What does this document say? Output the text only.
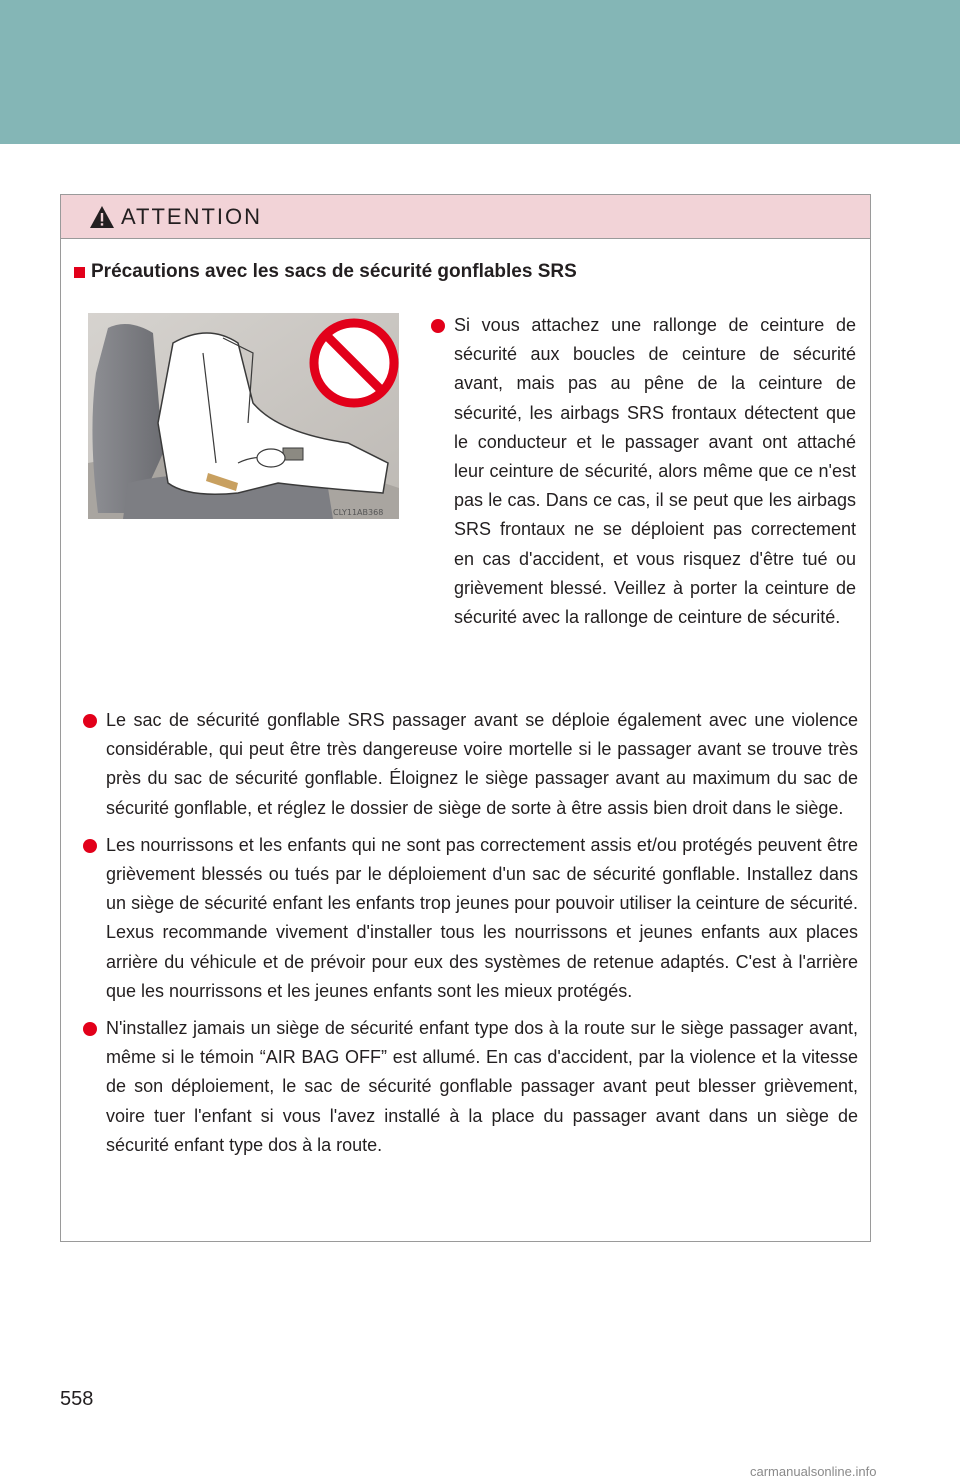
ATTENTION
Précautions avec les sacs de sécurité gonflables SRS
CLY11AB368

Si vous attachez une rallonge de ceinture de sécurité aux boucles de ceinture de sécurité avant, mais pas au pêne de la ceinture de sécurité, les airbags SRS frontaux détectent que le conducteur et le passager avant ont attaché leur ceinture de sécurité, alors même que ce n'est pas le cas. Dans ce cas, il se peut que les airbags SRS frontaux ne se déploient pas correctement en cas d'accident, et vous risquez d'être tué ou grièvement blessé. Veillez à porter la ceinture de sécurité avec la rallonge de ceinture de sécurité.

Le sac de sécurité gonflable SRS passager avant se déploie également avec une violence considérable, qui peut être très dangereuse voire mortelle si le passager avant se trouve très près du sac de sécurité gonflable. Éloignez le siège passager avant au maximum du sac de sécurité gonflable, et réglez le dossier de siège de sorte à être assis bien droit dans le siège.

Les nourrissons et les enfants qui ne sont pas correctement assis et/ou protégés peuvent être grièvement blessés ou tués par le déploiement d'un sac de sécurité gonflable. Installez dans un siège de sécurité enfant les enfants trop jeunes pour pouvoir utiliser la ceinture de sécurité. Lexus recommande vivement d'installer tous les nourrissons et jeunes enfants aux places arrière du véhicule et de prévoir pour eux des systèmes de retenue adaptés. C'est à l'arrière que les nourrissons et les jeunes enfants sont les mieux protégés.

N'installez jamais un siège de sécurité enfant type dos à la route sur le siège passager avant, même si le témoin “AIR BAG OFF” est allumé. En cas d'accident, par la violence et la vitesse de son déploiement, le sac de sécurité gonflable passager avant peut blesser grièvement, voire tuer l'enfant si vous l'avez installé à la place du passager avant dans un siège de sécurité enfant type dos à la route.

558
carmanualsonline.info
